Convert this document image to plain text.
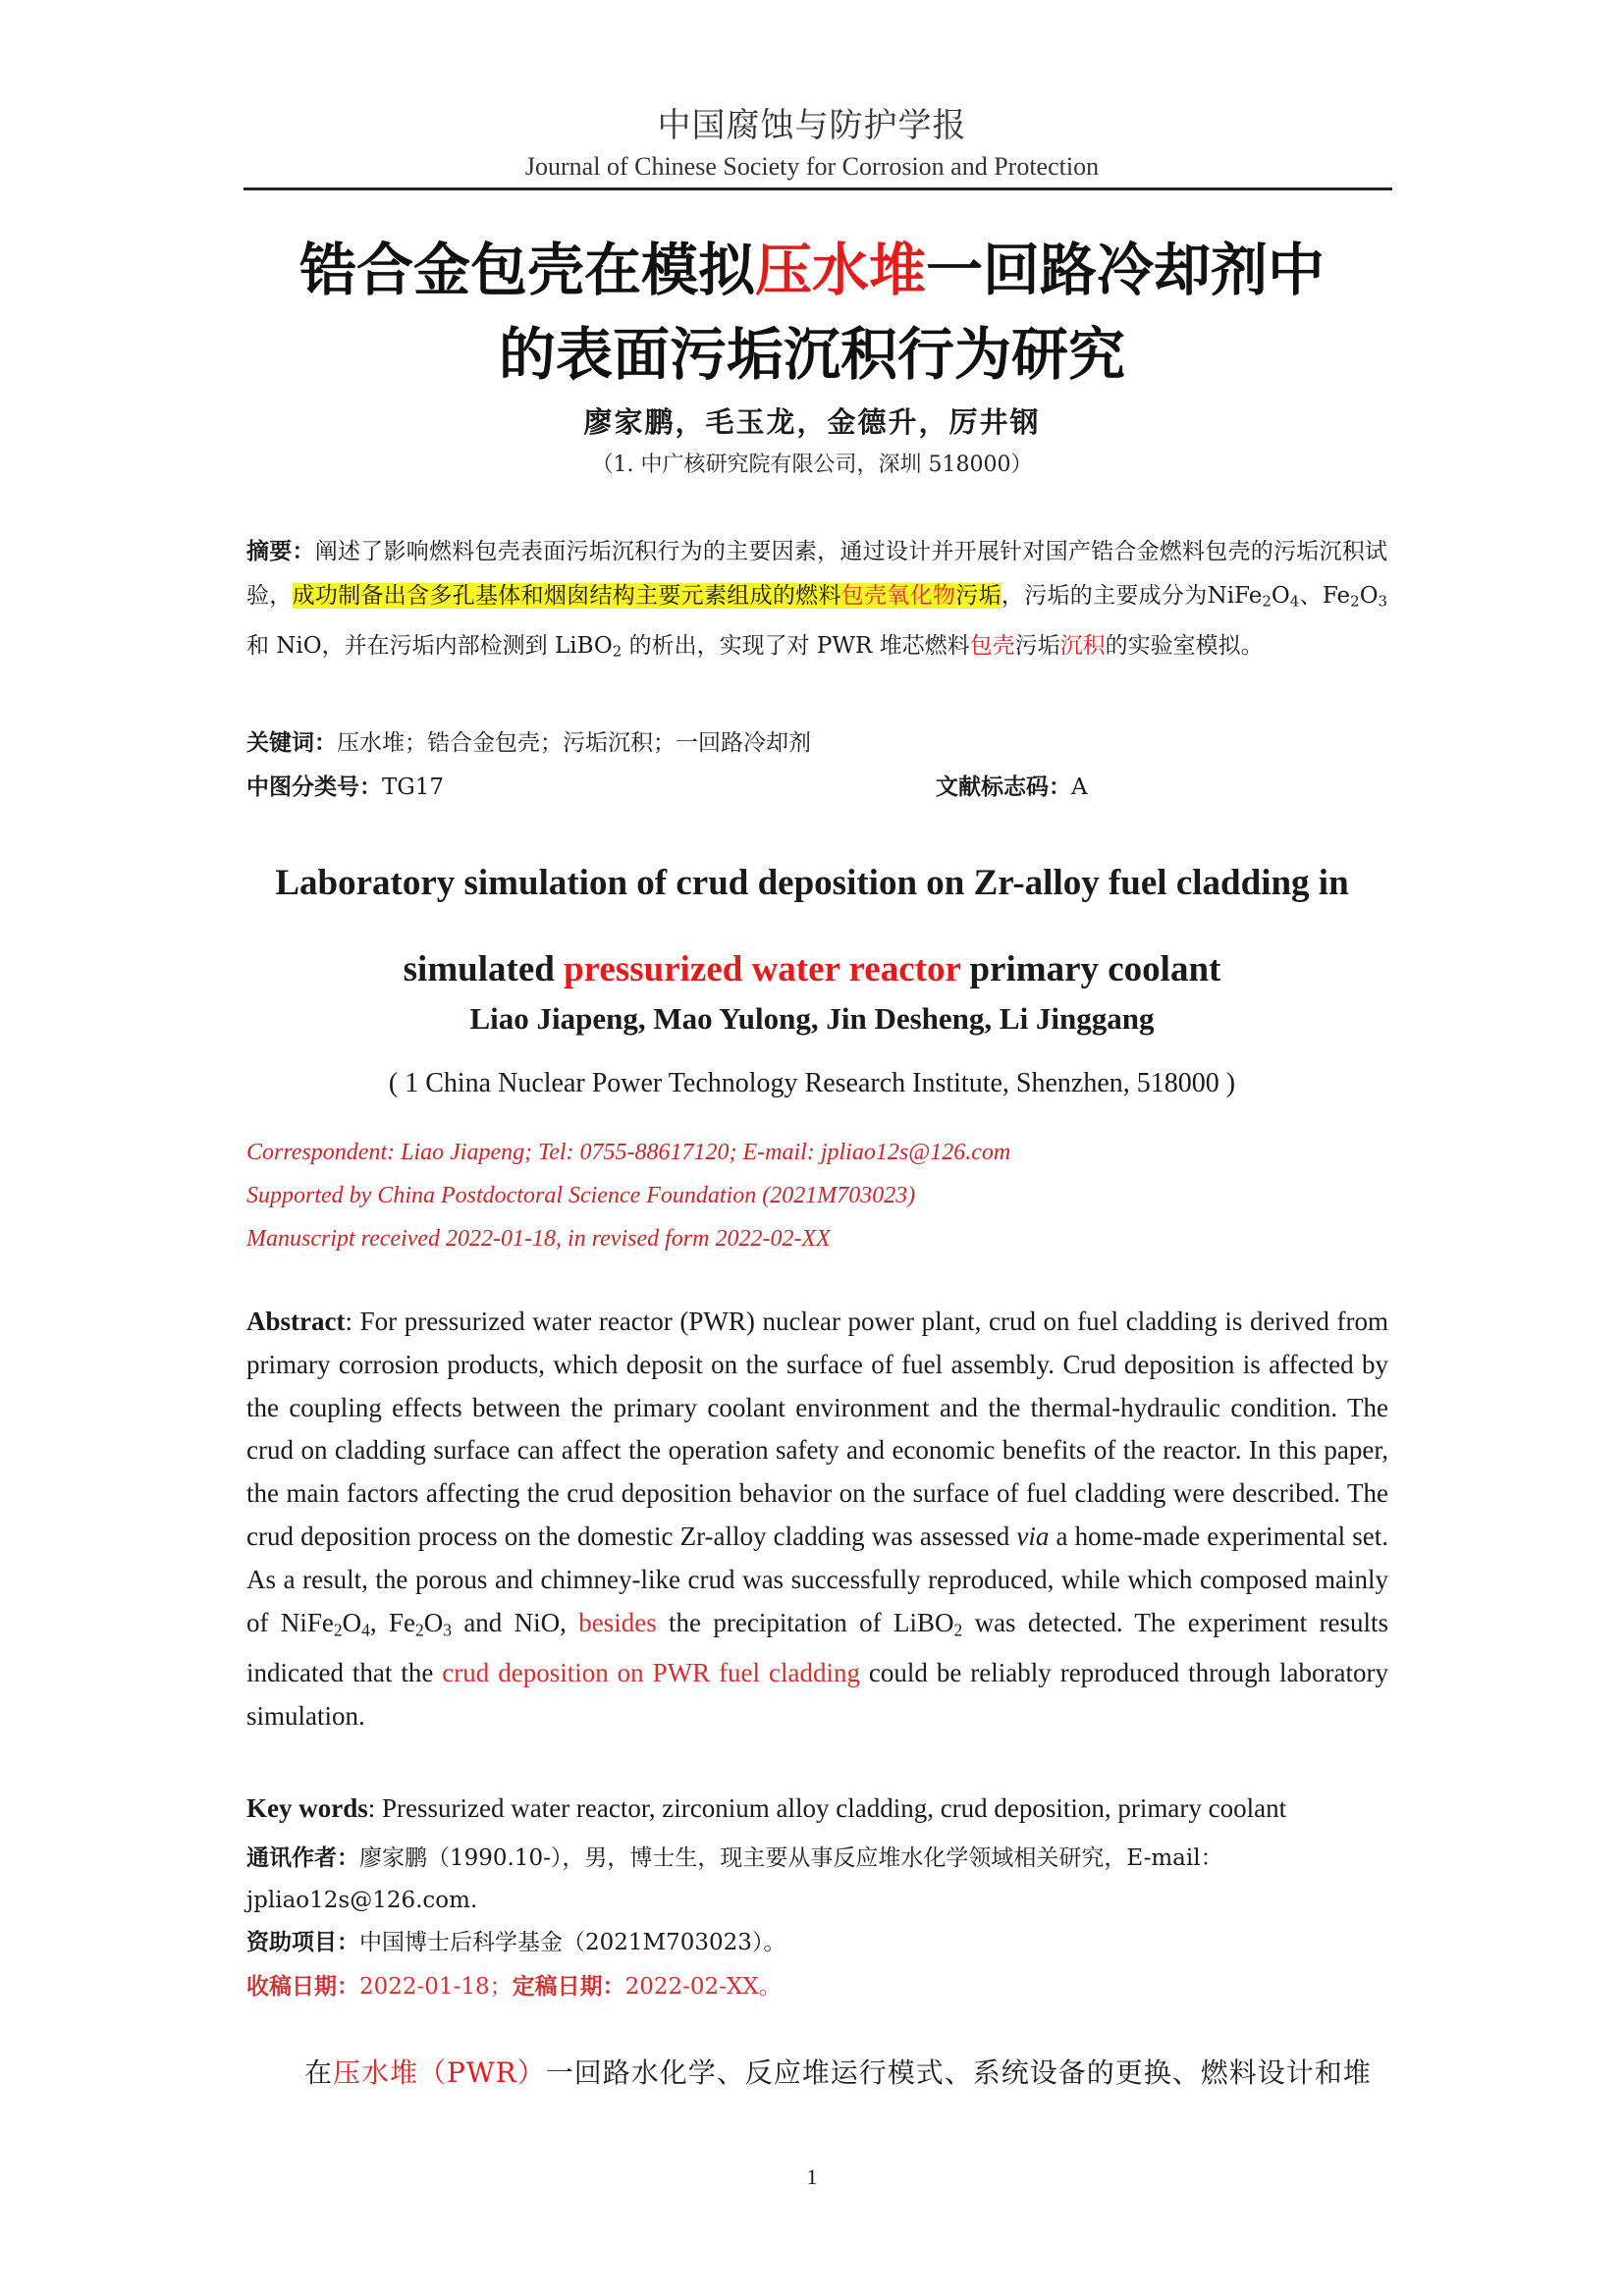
中国腐蚀与防护学报
Journal of Chinese Society for Corrosion and Protection
锆合金包壳在模拟压水堆一回路冷却剂中
的表面污垢沉积行为研究
廖家鹏，毛玉龙，金德升，厉井钢
（1. 中广核研究院有限公司，深圳 518000）
摘要：阐述了影响燃料包壳表面污垢沉积行为的主要因素，通过设计并开展针对国产锆合金燃料包壳的污垢沉积试验，成功制备出含多孔基体和烟囱结构主要元素组成的燃料包壳氧化物污垢，污垢的主要成分为$NiFe_2O_4$、$Fe_2O_3$ 和 NiO，并在污垢内部检测到 LiBO$_2$ 的析出，实现了对 PWR 堆芯燃料包壳污垢沉积的实验室模拟。
关键词：压水堆；锆合金包壳；污垢沉积；一回路冷却剂
中图分类号：TG17	文献标志码：A
Laboratory simulation of crud deposition on Zr-alloy fuel cladding in
simulated pressurized water reactor primary coolant
Liao Jiapeng, Mao Yulong, Jin Desheng, Li Jinggang
( 1 China Nuclear Power Technology Research Institute, Shenzhen, 518000 )
Correspondent: Liao Jiapeng; Tel: 0755-88617120; E-mail: jpliao12s@126.com
Supported by China Postdoctoral Science Foundation (2021M703023)
Manuscript received 2022-01-18, in revised form 2022-02-XX
Abstract: For pressurized water reactor (PWR) nuclear power plant, crud on fuel cladding is derived from primary corrosion products, which deposit on the surface of fuel assembly. Crud deposition is affected by the coupling effects between the primary coolant environment and the thermal-hydraulic condition. The crud on cladding surface can affect the operation safety and economic benefits of the reactor. In this paper, the main factors affecting the crud deposition behavior on the surface of fuel cladding were described. The crud deposition process on the domestic Zr-alloy cladding was assessed via a home-made experimental set. As a result, the porous and chimney-like crud was successfully reproduced, while which composed mainly of $NiFe_2O_4$, $Fe_2O_3$ and NiO, besides the precipitation of LiBO$_2$ was detected. The experiment results indicated that the crud deposition on PWR fuel cladding could be reliably reproduced through laboratory simulation.
Key words: Pressurized water reactor, zirconium alloy cladding, crud deposition, primary coolant
通讯作者：廖家鹏（1990.10-），男，博士生，现主要从事反应堆水化学领域相关研究，E-mail：jpliao12s@126.com.
资助项目：中国博士后科学基金（2021M703023）。
收稿日期：2022-01-18；定稿日期：2022-02-XX。
在压水堆（PWR）一回路水化学、反应堆运行模式、系统设备的更换、燃料设计和堆
1
